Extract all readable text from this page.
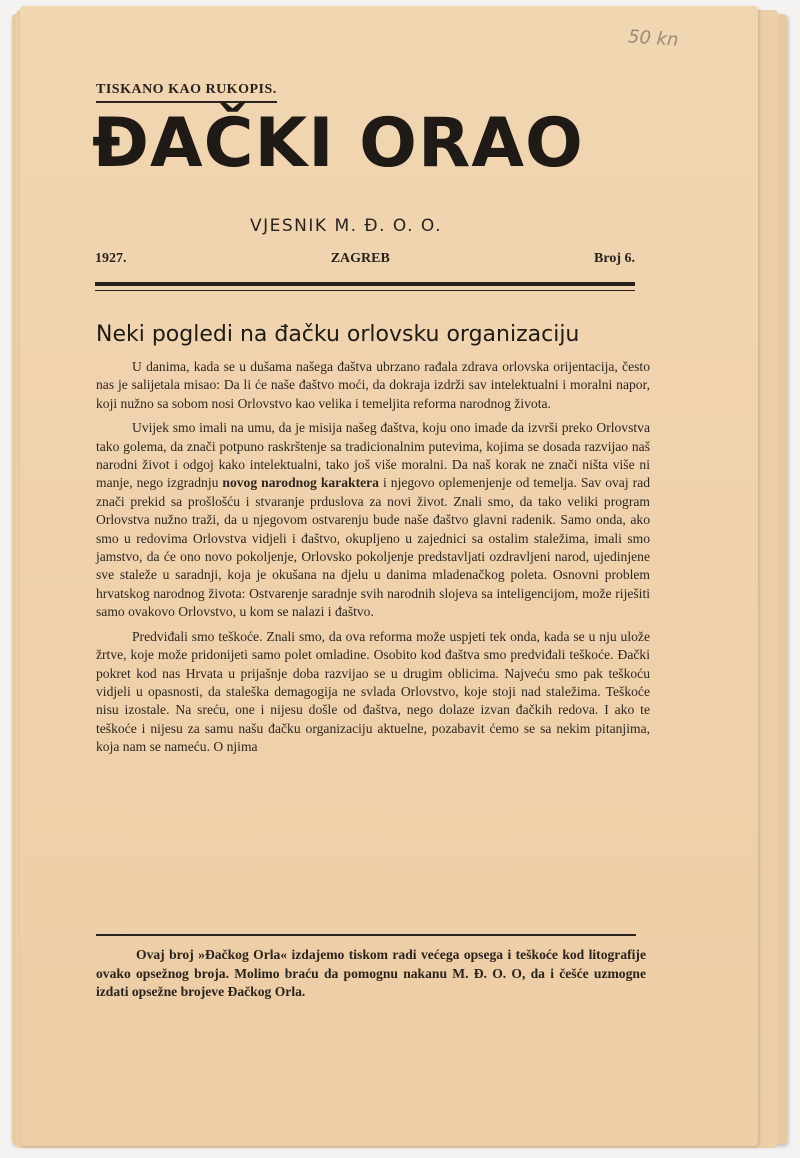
50 kn
TISKANO KAO RUKOPIS.
ĐAČKI ORAO
VJESNIK M. Đ. O. O.
1927.	ZAGREB	Broj 6.
Neki pogledi na đačku orlovsku organizaciju

U danima, kada se u dušama našega đaštva ubrzano rađala zdrava orlovska orijentacija, često nas je salijetala misao: Da li će naše đaštvo moći, da dokraja izdrži sav intelektualni i moralni napor, koji nužno sa sobom nosi Orlovstvo kao velika i temeljita reforma narodnog života.

Uvijek smo imali na umu, da je misija našeg đaštva, koju ono imade da izvrši preko Orlovstva tako golema, da znači potpuno raskrštenje sa tradicionalnim putevima, kojima se dosada razvijao naš narodni život i odgoj kako intelektualni, tako još više moralni. Da naš korak ne znači ništa više ni manje, nego izgradnju novog narodnog karaktera i njegovo oplemenjenje od temelja. Sav ovaj rad znači prekid sa prošlošću i stvaranje prduslova za novi život. Znali smo, da tako veliki program Orlovstva nužno traži, da u njegovom ostvarenju bude naše đaštvo glavni radenik. Samo onda, ako smo u redovima Orlovstva vidjeli i đaštvo, okupljeno u zajednici sa ostalim staležima, imali smo jamstvo, da će ono novo pokoljenje, Orlovsko pokoljenje predstavljati ozdravljeni narod, ujedinjene sve staleže u saradnji, koja je okušana na djelu u danima mladenačkog poleta. Osnovni problem hrvatskog narodnog života: Ostvarenje saradnje svih narodnih slojeva sa inteligencijom, može riješiti samo ovakovo Orlovstvo, u kom se nalazi i đaštvo.

Predviđali smo teškoće. Znali smo, da ova reforma može uspjeti tek onda, kada se u nju uložе žrtve, koje može pridonijeti samo polet omladine. Osobito kod đaštva smo predviđali teškoće. Đački pokret kod nas Hrvata u prijašnje doba razvijao se u drugim oblicima. Najveću smo pak teškoću vidjeli u opasnosti, da staleška demagogija ne svlada Orlovstvo, koje stoji nad staležima. Teškoće nisu izostale. Na sreću, one i nijesu došle od đaštva, nego dolaze izvan đačkih redova. I ako te teškoće i nijesu za samu našu đačku organizaciju aktuelne, pozabavit ćemo se sa nekim pitanjima, koja nam se nameću. O njima

Ovaj broj »Đačkog Orla« izdajemo tiskom radi većega opsega i teškoće kod litografije ovako opsežnog broja. Molimo braću da pomognu nakanu M. Đ. O. O, da i češće uzmogne izdati opsežne brojeve Đačkog Orla.
